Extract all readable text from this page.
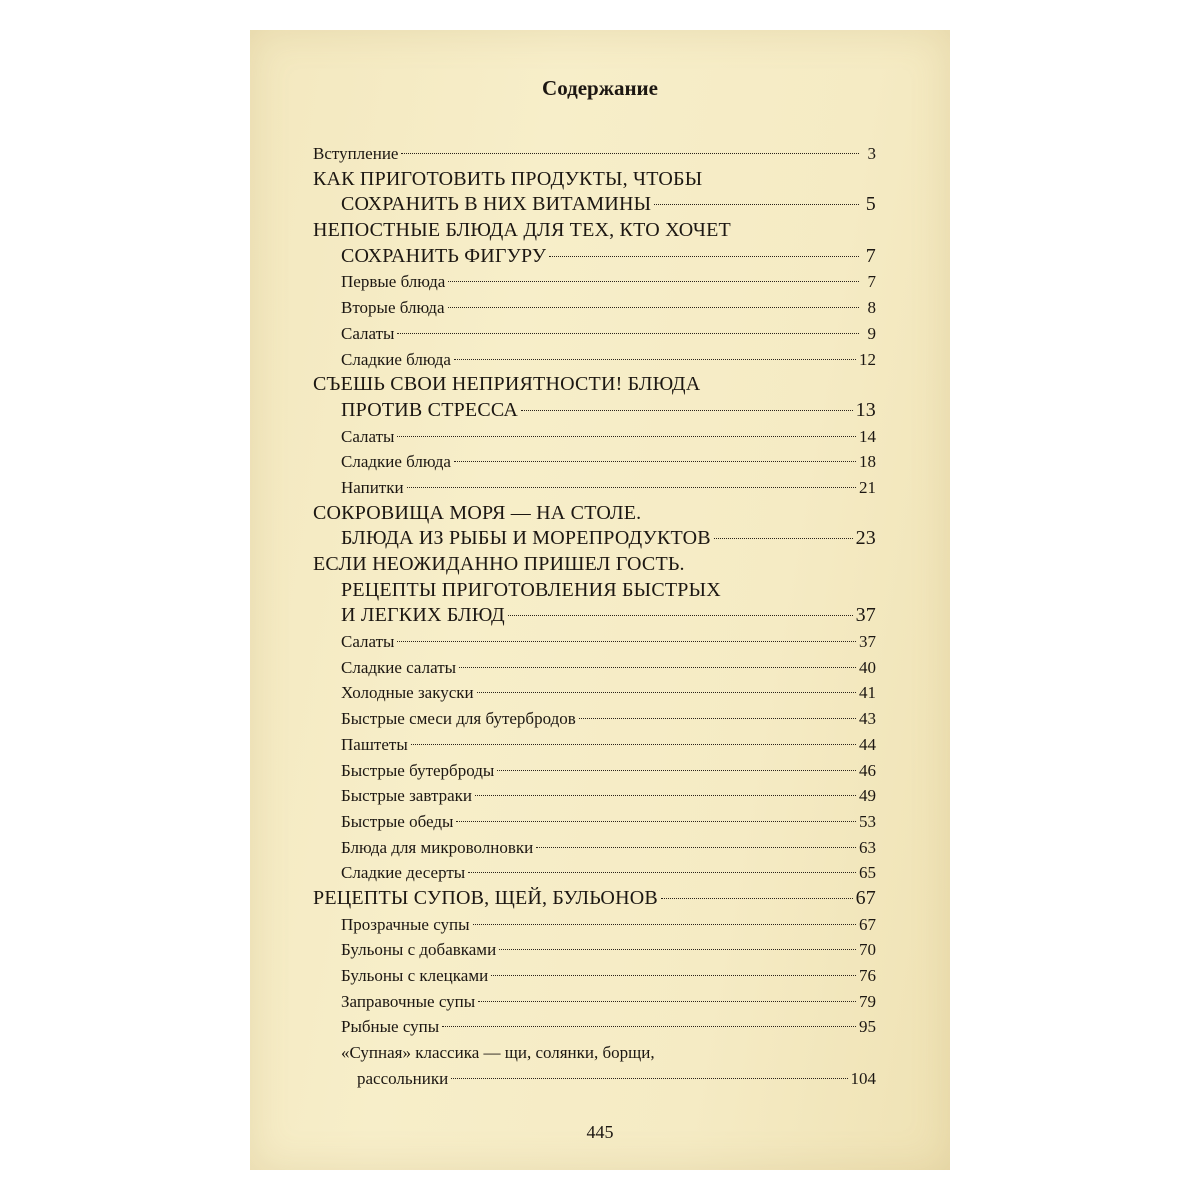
Содержание
Вступление	3
КАК ПРИГОТОВИТЬ ПРОДУКТЫ, ЧТОБЫ
СОХРАНИТЬ В НИХ ВИТАМИНЫ	5
НЕПОСТНЫЕ БЛЮДА ДЛЯ ТЕХ, КТО ХОЧЕТ
СОХРАНИТЬ ФИГУРУ	7
Первые блюда	7
Вторые блюда	8
Салаты	9
Сладкие блюда	12
СЪЕШЬ СВОИ НЕПРИЯТНОСТИ! БЛЮДА
ПРОТИВ СТРЕССА	13
Салаты	14
Сладкие блюда	18
Напитки	21
СОКРОВИЩА МОРЯ — НА СТОЛЕ.
БЛЮДА ИЗ РЫБЫ И МОРЕПРОДУКТОВ	23
ЕСЛИ НЕОЖИДАННО ПРИШЕЛ ГОСТЬ.
РЕЦЕПТЫ ПРИГОТОВЛЕНИЯ БЫСТРЫХ
И ЛЕГКИХ БЛЮД	37
Салаты	37
Сладкие салаты	40
Холодные закуски	41
Быстрые смеси для бутербродов	43
Паштеты	44
Быстрые бутерброды	46
Быстрые завтраки	49
Быстрые обеды	53
Блюда для микроволновки	63
Сладкие десерты	65
РЕЦЕПТЫ СУПОВ, ЩЕЙ, БУЛЬОНОВ	67
Прозрачные супы	67
Бульоны с добавками	70
Бульоны с клецками	76
Заправочные супы	79
Рыбные супы	95
«Супная» классика — щи, солянки, борщи,
рассольники	104
445
